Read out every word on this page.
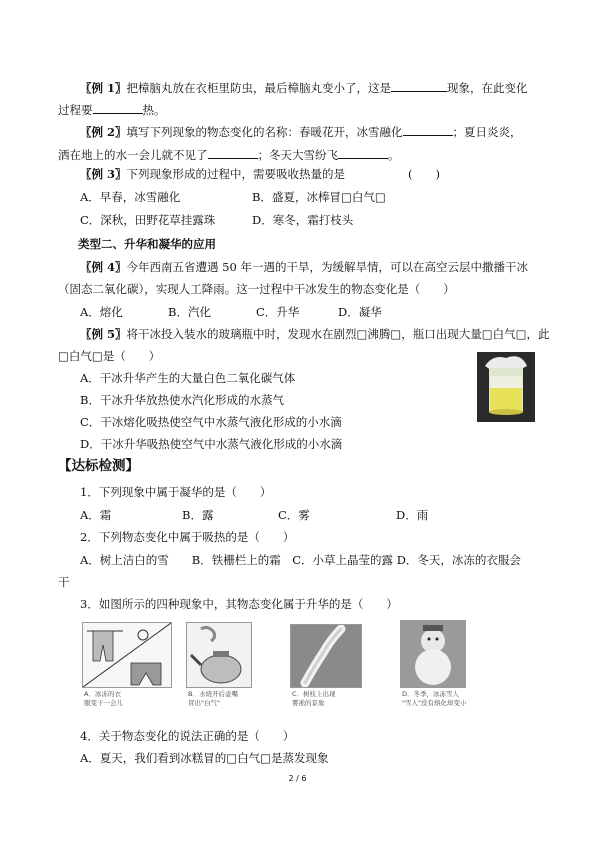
〖例 1〗把樟脑丸放在衣柜里防虫，最后樟脑丸变小了，这是	现象，在此变化
过程要	热。
〖例 2〗填写下列现象的物态变化的名称：春暖花开，冰雪融化	；夏日炎炎，
洒在地上的水一会儿就不见了	；冬天大雪纷飞	。
〖例 3〗下列现象形成的过程中，需要吸收热量的是	(　　)
A．早春，冰雪融化	B．盛夏，冰棒冒□白气□
C．深秋，田野花草挂露珠	D．寒冬，霜打枝头
类型二、升华和凝华的应用
〖例 4〗今年西南五省遭遇 50 年一遇的干旱，为缓解旱情，可以在高空云层中撒播干冰
（固态二氧化碳），实现人工降雨。这一过程中干冰发生的物态变化是（　　）
A．熔化	B．汽化	C．升华	D．凝华
〖例 5〗将干冰投入装水的玻璃瓶中时，发现水在剧烈□沸腾□，瓶口出现大量□白气□，此
□白气□是（　　）
A．干冰升华产生的大量白色二氧化碳气体
B．干冰升华放热使水汽化形成的水蒸气
C．干冰熔化吸热使空气中水蒸气液化形成的小水滴
D．干冰升华吸热使空气中水蒸气液化形成的小水滴
【达标检测】
1．下列现象中属于凝华的是（　　）
A．霜	B．露	C．雾	D．雨
2．下列物态变化中属于吸热的是（　　）
A．树上洁白的雪　　B．铁栅栏上的霜　C．小草上晶莹的露 D．冬天，冰冻的衣服会
干
3．如图所示的四种现象中，其物态变化属于升华的是（　　）
A．冰冻的衣
服变干一会儿
B．水烧开后壶嘴
冒出"白气"
C．树枝上出现
雾凇的景象
D．冬季，冰冻雪人
"雪人"没有熔化却变小
4．关于物态变化的说法正确的是（　　）
A．夏天，我们看到冰糕冒的□白气□是蒸发现象
2 / 6
